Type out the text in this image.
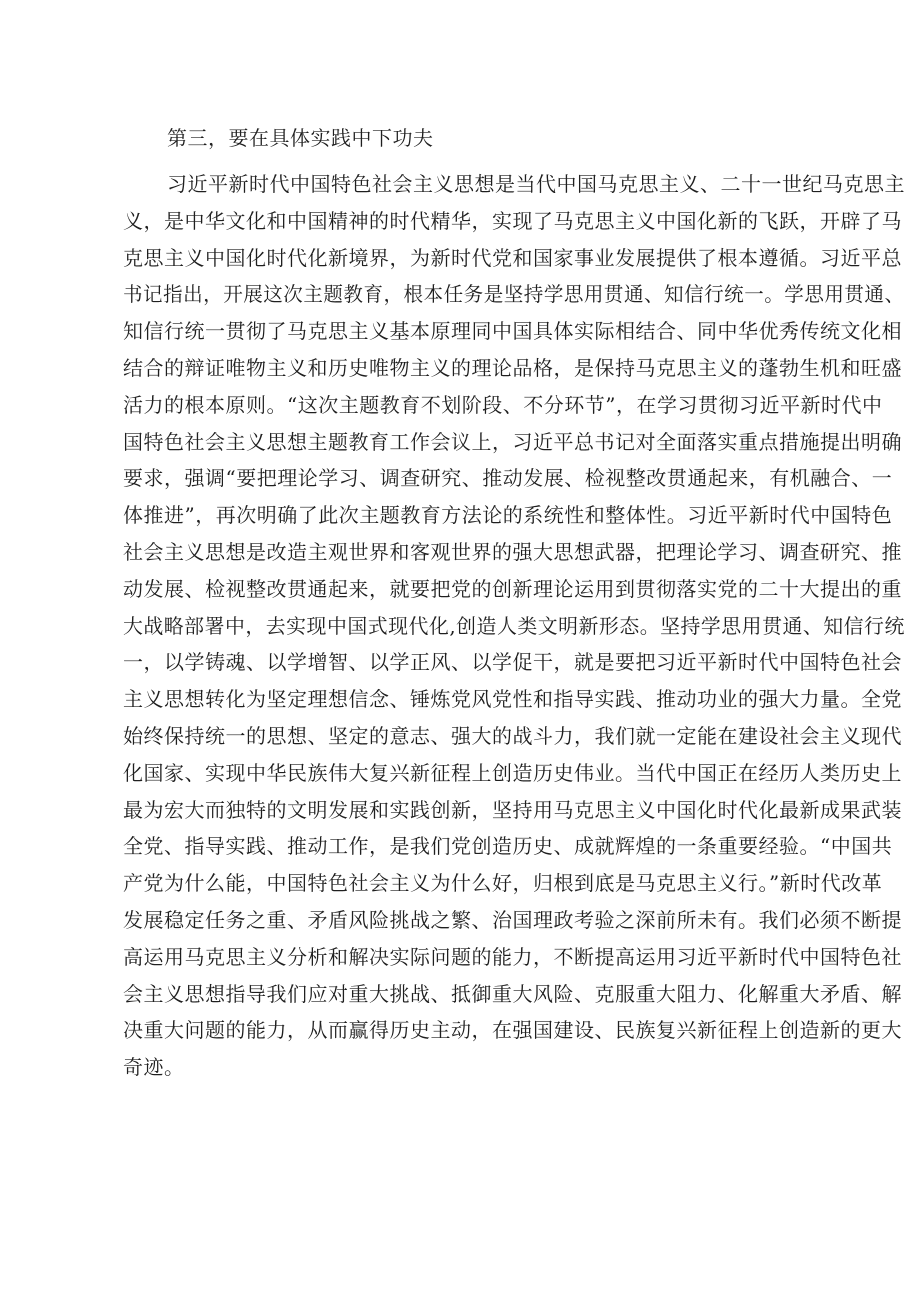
第三，要在具体实践中下功夫
习近平新时代中国特色社会主义思想是当代中国马克思主义、二十一世纪马克思主
义，是中华文化和中国精神的时代精华，实现了马克思主义中国化新的飞跃，开辟了马
克思主义中国化时代化新境界，为新时代党和国家事业发展提供了根本遵循。习近平总
书记指出，开展这次主题教育，根本任务是坚持学思用贯通、知信行统一。学思用贯通、
知信行统一贯彻了马克思主义基本原理同中国具体实际相结合、同中华优秀传统文化相
结合的辩证唯物主义和历史唯物主义的理论品格，是保持马克思主义的蓬勃生机和旺盛
活力的根本原则。“这次主题教育不划阶段、不分环节”，在学习贯彻习近平新时代中
国特色社会主义思想主题教育工作会议上，习近平总书记对全面落实重点措施提出明确
要求，强调“要把理论学习、调查研究、推动发展、检视整改贯通起来，有机融合、一
体推进”，再次明确了此次主题教育方法论的系统性和整体性。习近平新时代中国特色
社会主义思想是改造主观世界和客观世界的强大思想武器，把理论学习、调查研究、推
动发展、检视整改贯通起来，就要把党的创新理论运用到贯彻落实党的二十大提出的重
大战略部署中，去实现中国式现代化,创造人类文明新形态。坚持学思用贯通、知信行统
一，以学铸魂、以学增智、以学正风、以学促干，就是要把习近平新时代中国特色社会
主义思想转化为坚定理想信念、锤炼党风党性和指导实践、推动功业的强大力量。全党
始终保持统一的思想、坚定的意志、强大的战斗力，我们就一定能在建设社会主义现代
化国家、实现中华民族伟大复兴新征程上创造历史伟业。当代中国正在经历人类历史上
最为宏大而独特的文明发展和实践创新，坚持用马克思主义中国化时代化最新成果武装
全党、指导实践、推动工作，是我们党创造历史、成就辉煌的一条重要经验。“中国共
产党为什么能，中国特色社会主义为什么好，归根到底是马克思主义行。”新时代改革
发展稳定任务之重、矛盾风险挑战之繁、治国理政考验之深前所未有。我们必须不断提
高运用马克思主义分析和解决实际问题的能力，不断提高运用习近平新时代中国特色社
会主义思想指导我们应对重大挑战、抵御重大风险、克服重大阻力、化解重大矛盾、解
决重大问题的能力，从而赢得历史主动，在强国建设、民族复兴新征程上创造新的更大
奇迹。
